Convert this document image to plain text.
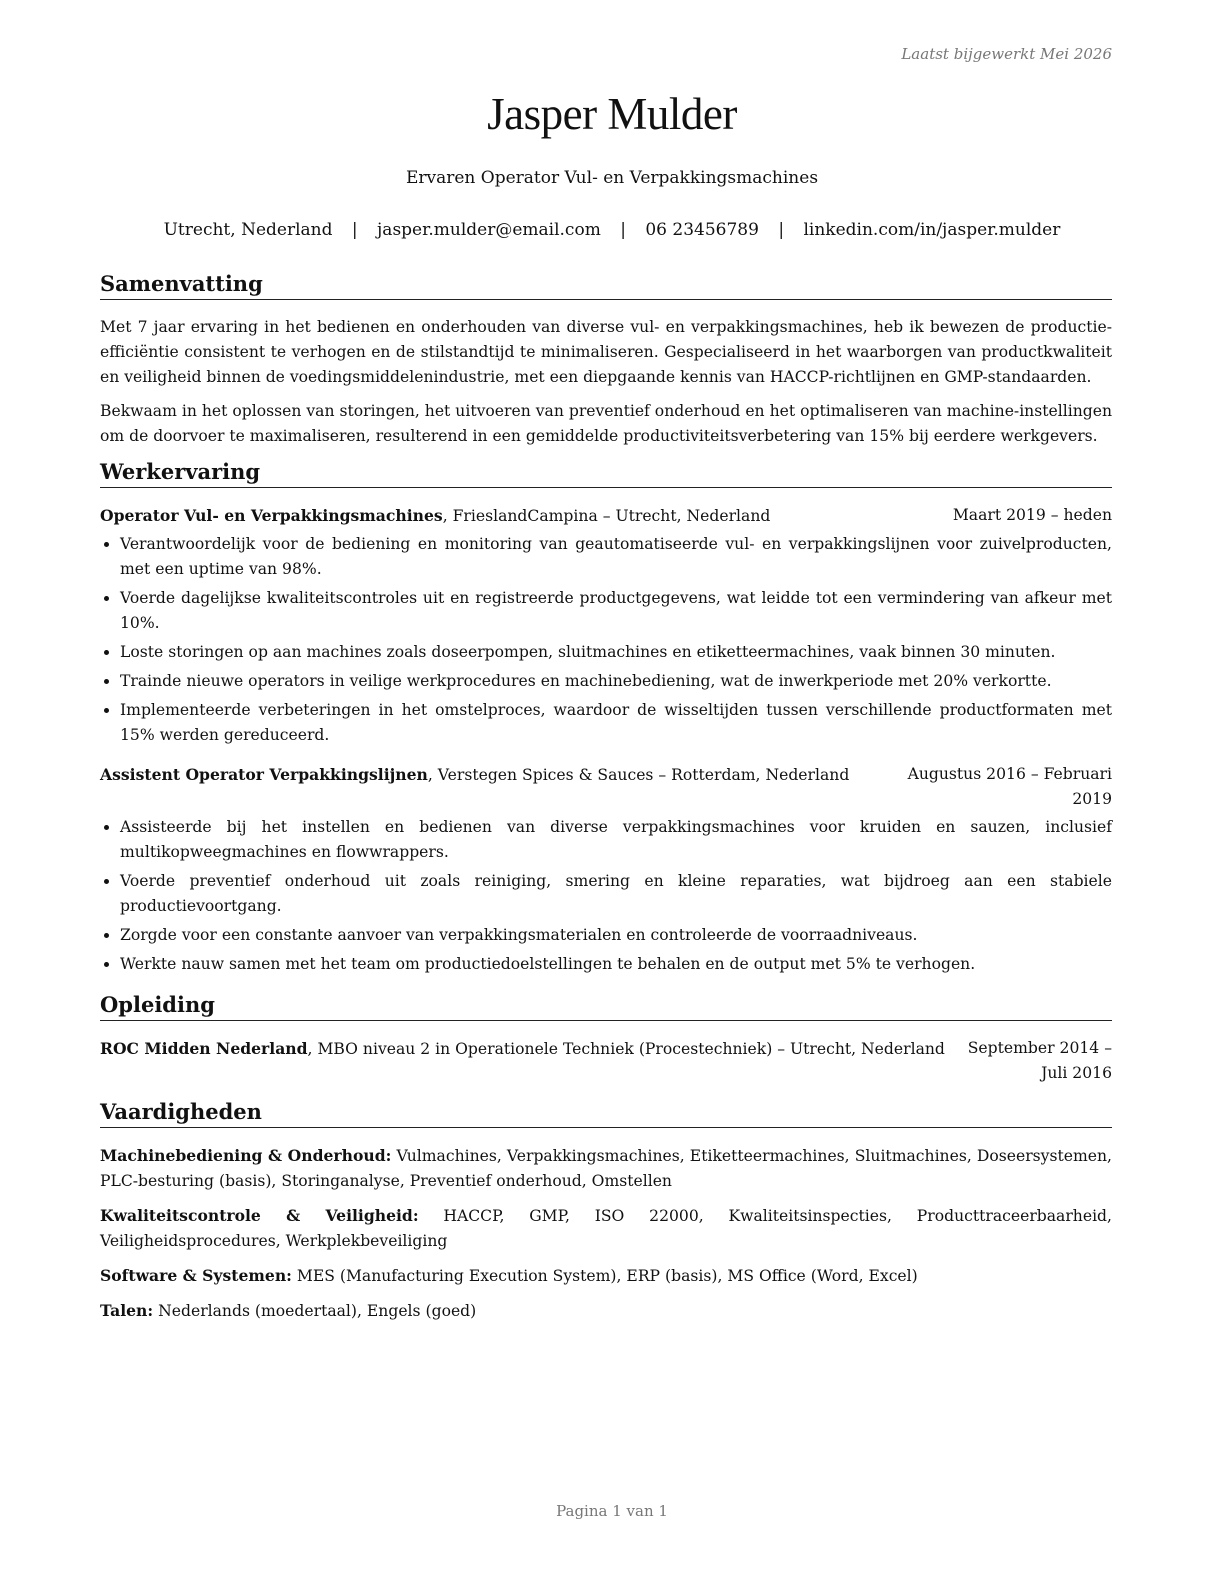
Laatst bijgewerkt Mei 2026
Jasper Mulder
Ervaren Operator Vul- en Verpakkingsmachines
Utrecht, Nederland | jasper.mulder@email.com | 06 23456789 | linkedin.com/in/jasper.mulder
Samenvatting

Met 7 jaar ervaring in het bedienen en onderhouden van diverse vul- en verpakkingsmachines, heb ik bewezen de productie-efficiëntie consistent te verhogen en de stilstandtijd te minimaliseren. Gespecialiseerd in het waarborgen van productkwaliteit en veiligheid binnen de voedingsmiddelenindustrie, met een diepgaande kennis van HACCP-richtlijnen en GMP-standaarden.

Bekwaam in het oplossen van storingen, het uitvoeren van preventief onderhoud en het optimaliseren van machine-instellingen om de doorvoer te maximaliseren, resulterend in een gemiddelde productiviteitsverbetering van 15% bij eerdere werkgevers.

Werkervaring
Operator Vul- en Verpakkingsmachines, FrieslandCampina – Utrecht, Nederland	Maart 2019 – heden
• Verantwoordelijk voor de bediening en monitoring van geautomatiseerde vul- en verpakkingslijnen voor zuivelproducten, met een uptime van 98%.
• Voerde dagelijkse kwaliteitscontroles uit en registreerde productgegevens, wat leidde tot een vermindering van afkeur met 10%.
• Loste storingen op aan machines zoals doseerpompen, sluitmachines en etiketteermachines, vaak binnen 30 minuten.
• Trainde nieuwe operators in veilige werkprocedures en machinebediening, wat de inwerkperiode met 20% verkortte.
• Implementeerde verbeteringen in het omstelproces, waardoor de wisseltijden tussen verschillende productformaten met 15% werden gereduceerd.
Assistent Operator Verpakkingslijnen, Verstegen Spices & Sauces – Rotterdam, Nederland	Augustus 2016 – Februari 2019
• Assisteerde bij het instellen en bedienen van diverse verpakkingsmachines voor kruiden en sauzen, inclusief multikopweegmachines en flowwrappers.
• Voerde preventief onderhoud uit zoals reiniging, smering en kleine reparaties, wat bijdroeg aan een stabiele productievoortgang.
• Zorgde voor een constante aanvoer van verpakkingsmaterialen en controleerde de voorraadniveaus.
• Werkte nauw samen met het team om productiedoelstellingen te behalen en de output met 5% te verhogen.
Opleiding
ROC Midden Nederland, MBO niveau 2 in Operationele Techniek (Procestechniek) – Utrecht, Nederland	September 2014 – Juli 2016
Vaardigheden

Machinebediening & Onderhoud: Vulmachines, Verpakkingsmachines, Etiketteermachines, Sluitmachines, Doseersystemen, PLC-besturing (basis), Storinganalyse, Preventief onderhoud, Omstellen

Kwaliteitscontrole & Veiligheid: HACCP, GMP, ISO 22000, Kwaliteitsinspecties, Producttraceerbaarheid, Veiligheidsprocedures, Werkplekbeveiliging

Software & Systemen: MES (Manufacturing Execution System), ERP (basis), MS Office (Word, Excel)

Talen: Nederlands (moedertaal), Engels (goed)

Pagina 1 van 1
